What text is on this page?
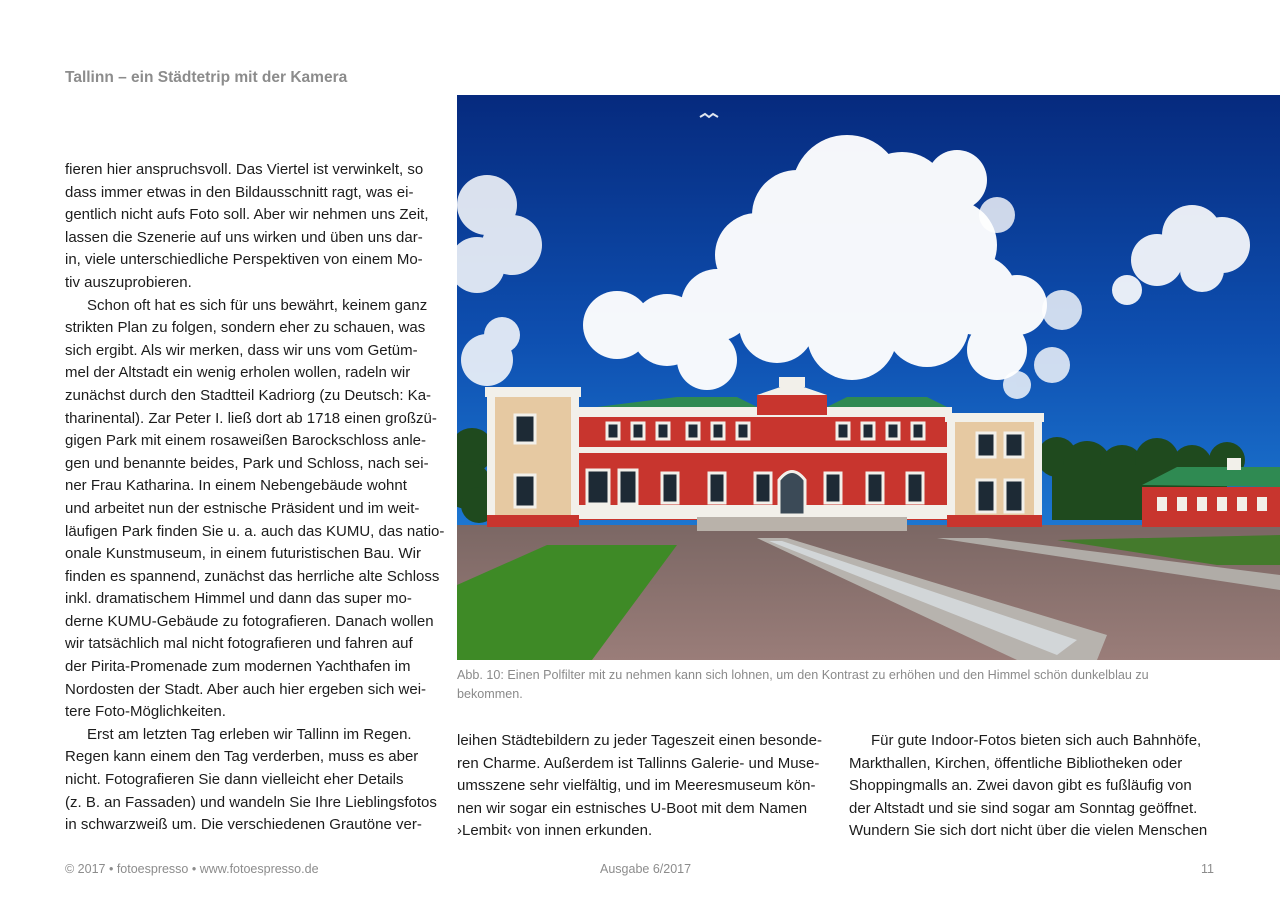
Tallinn – ein Städtetrip mit der Kamera
fieren hier anspruchsvoll. Das Viertel ist verwinkelt, so
dass immer etwas in den Bildausschnitt ragt, was ei-
gentlich nicht aufs Foto soll. Aber wir nehmen uns Zeit,
lassen die Szenerie auf uns wirken und üben uns dar-
in, viele unterschiedliche Perspektiven von einem Mo-
tiv auszuprobieren.
Schon oft hat es sich für uns bewährt, keinem ganz
strikten Plan zu folgen, sondern eher zu schauen, was
sich ergibt. Als wir merken, dass wir uns vom Getüm-
mel der Altstadt ein wenig erholen wollen, radeln wir
zunächst durch den Stadtteil Kadriorg (zu Deutsch: Ka-
tharinental). Zar Peter I. ließ dort ab 1718 einen großzü-
gigen Park mit einem rosaweißen Barockschloss anle-
gen und benannte beides, Park und Schloss, nach sei-
ner Frau Katharina. In einem Nebengebäude wohnt
und arbeitet nun der estnische Präsident und im weit-
läufigen Park finden Sie u. a. auch das KUMU, das natio-
onale Kunstmuseum, in einem futuristischen Bau. Wir
finden es spannend, zunächst das herrliche alte Schloss
inkl. dramatischem Himmel und dann das super mo-
derne KUMU-Gebäude zu fotografieren. Danach wollen
wir tatsächlich mal nicht fotografieren und fahren auf
der Pirita-Promenade zum modernen Yachthafen im
Nordosten der Stadt. Aber auch hier ergeben sich wei-
tere Foto-Möglichkeiten.
Erst am letzten Tag erleben wir Tallinn im Regen.
Regen kann einem den Tag verderben, muss es aber
nicht. Fotografieren Sie dann vielleicht eher Details
(z. B. an Fassaden) und wandeln Sie Ihre Lieblingsfotos
in schwarzweiß um. Die verschiedenen Grautöne ver-
Abb. 10: Einen Polfilter mit zu nehmen kann sich lohnen, um den Kontrast zu erhöhen und den Himmel schön dunkelblau zu
bekommen.
leihen Städtebildern zu jeder Tageszeit einen besonde-
ren Charme. Außerdem ist Tallinns Galerie- und Muse-
umsszene sehr vielfältig, und im Meeresmuseum kön-
nen wir sogar ein estnisches U-Boot mit dem Namen
›Lembit‹ von innen erkunden.
Für gute Indoor-Fotos bieten sich auch Bahnhöfe,
Markthallen, Kirchen, öffentliche Bibliotheken oder
Shoppingmalls an. Zwei davon gibt es fußläufig von
der Altstadt und sie sind sogar am Sonntag geöffnet.
Wundern Sie sich dort nicht über die vielen Menschen
© 2017 • fotoespresso • www.fotoespresso.de	Ausgabe 6/2017	11
